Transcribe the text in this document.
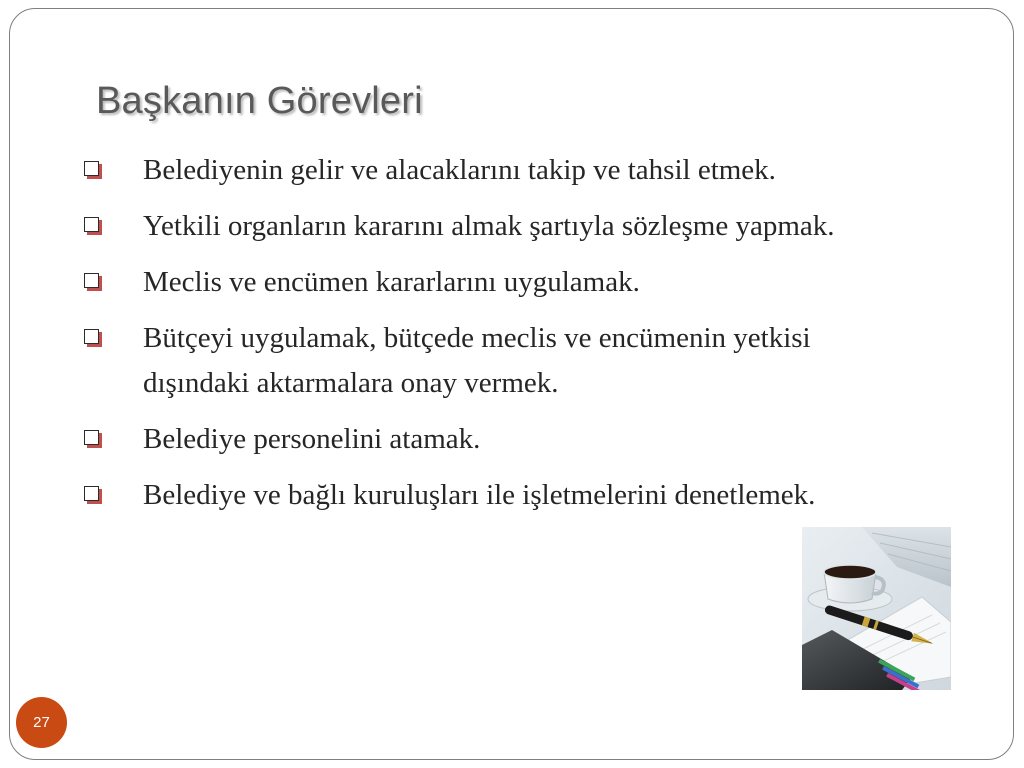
Başkanın Görevleri
Belediyenin gelir ve alacaklarını takip ve tahsil etmek.
Yetkili organların kararını almak şartıyla sözleşme yapmak.
Meclis ve encümen kararlarını uygulamak.
Bütçeyi uygulamak, bütçede meclis ve encümenin yetkisi dışındaki aktarmalara onay vermek.
Belediye personelini atamak.
Belediye ve bağlı kuruluşları ile işletmelerini denetlemek.
27
